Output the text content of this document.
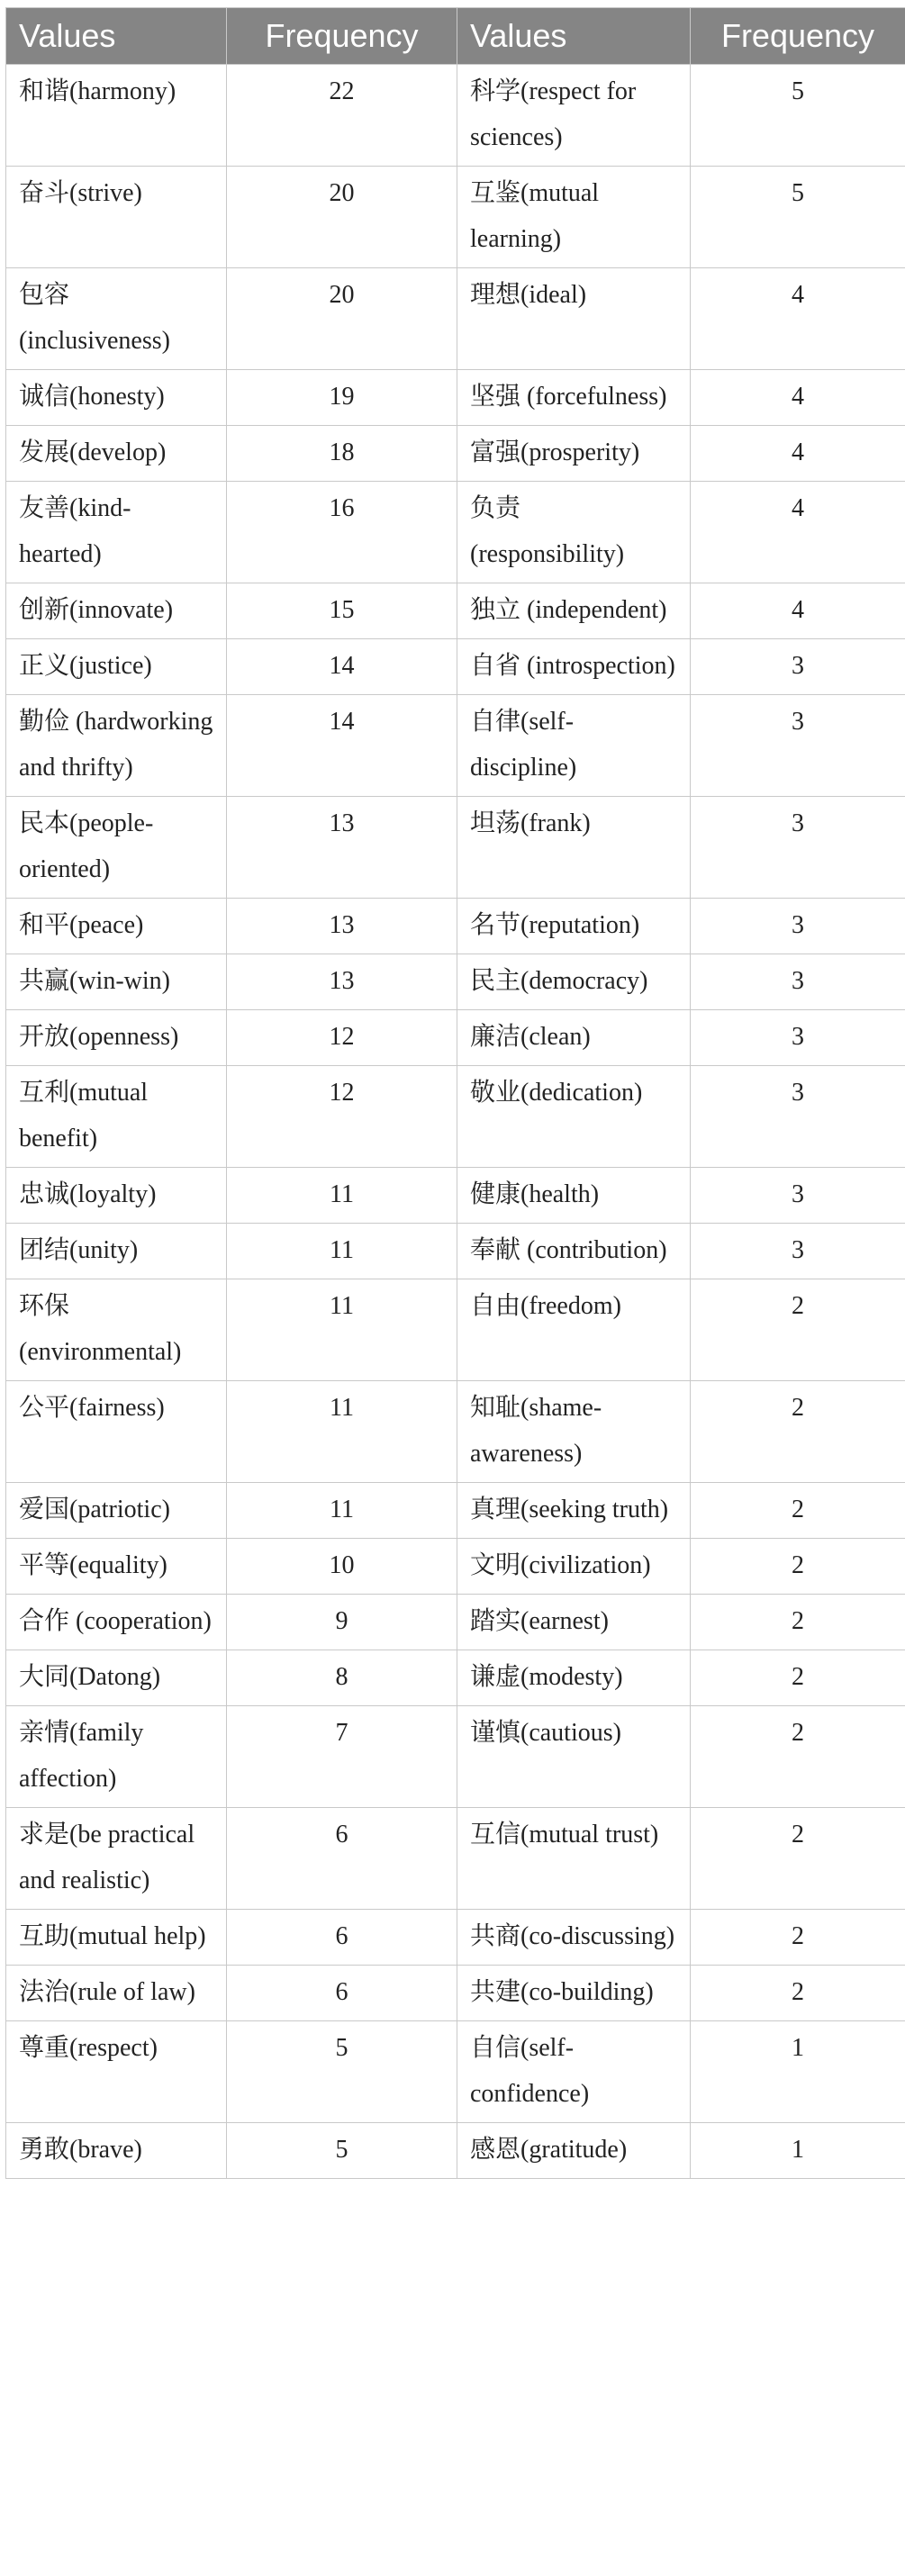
Values	Frequency	Values	Frequency
和谐(harmony)	22	科学(respect for sciences)	5
奋斗(strive)	20	互鉴(mutual learning)	5
包容 (inclusiveness)	20	理想(ideal)	4
诚信(honesty)	19	坚强 (forcefulness)	4
发展(develop)	18	富强(prosperity)	4
友善(kind-hearted)	16	负责 (responsibility)	4
创新(innovate)	15	独立 (independent)	4
正义(justice)	14	自省 (introspection)	3
勤俭 (hardworking and thrifty)	14	自律(self-discipline)	3
民本(people-oriented)	13	坦荡(frank)	3
和平(peace)	13	名节(reputation)	3
共赢(win-win)	13	民主(democracy)	3
开放(openness)	12	廉洁(clean)	3
互利(mutual benefit)	12	敬业(dedication)	3
忠诚(loyalty)	11	健康(health)	3
团结(unity)	11	奉献 (contribution)	3
环保 (environmental)	11	自由(freedom)	2
公平(fairness)	11	知耻(shame-awareness)	2
爱国(patriotic)	11	真理(seeking truth)	2
平等(equality)	10	文明(civilization)	2
合作 (cooperation)	9	踏实(earnest)	2
大同(Datong)	8	谦虚(modesty)	2
亲情(family affection)	7	谨慎(cautious)	2
求是(be practical and realistic)	6	互信(mutual trust)	2
互助(mutual help)	6	共商(co-discussing)	2
法治(rule of law)	6	共建(co-building)	2
尊重(respect)	5	自信(self-confidence)	1
勇敢(brave)	5	感恩(gratitude)	1
